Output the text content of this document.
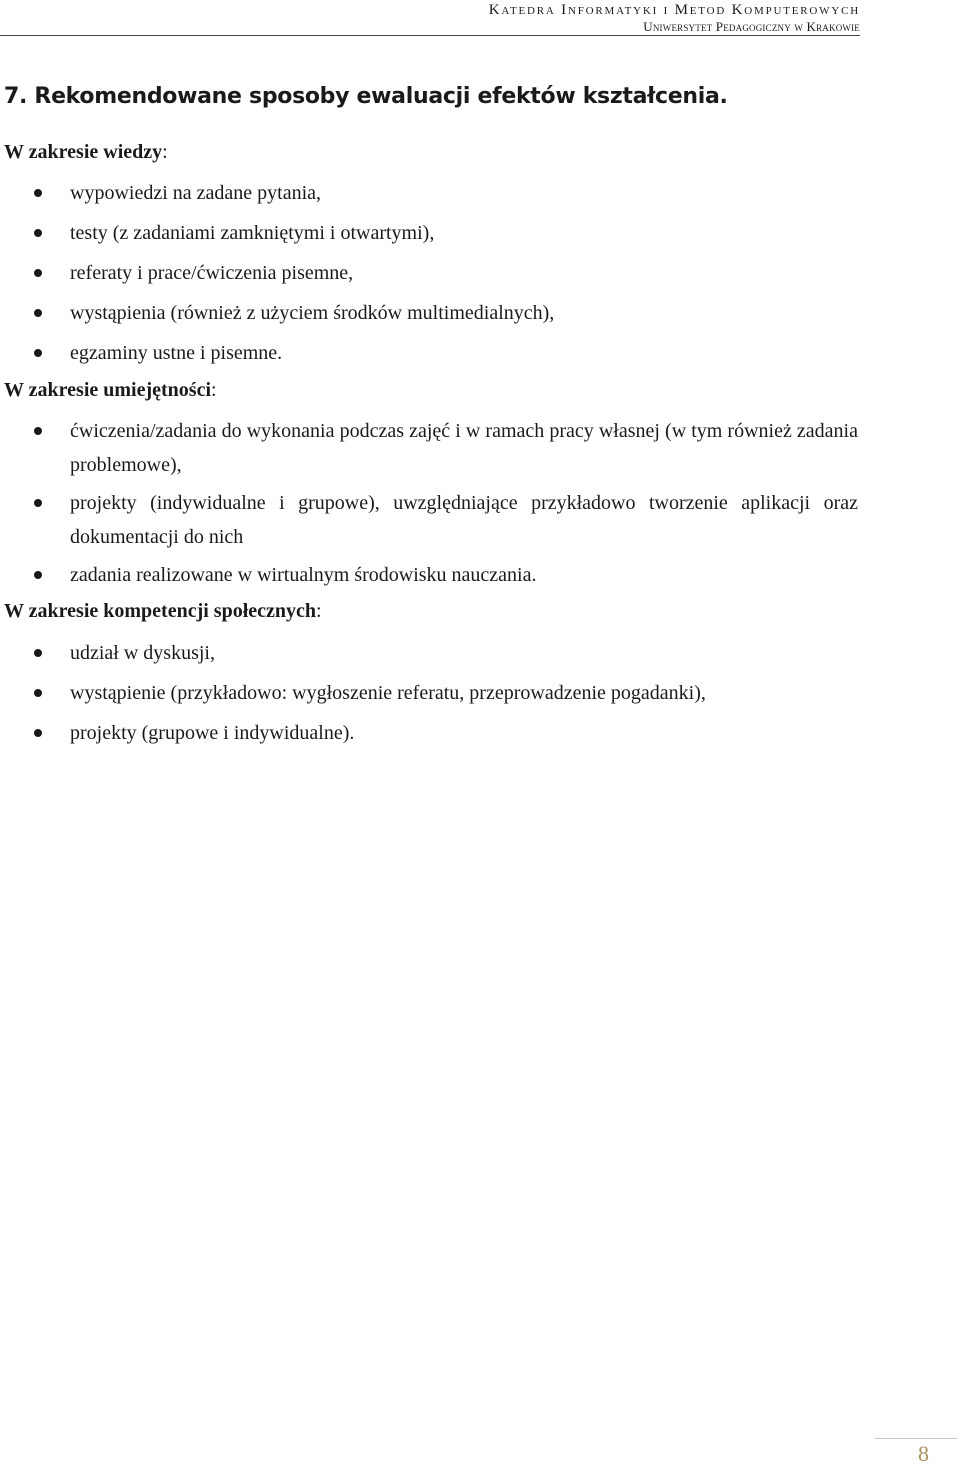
Katedra Informatyki i Metod Komputerowych
Uniwersytet Pedagogiczny w Krakowie
7. Rekomendowane sposoby ewaluacji efektów kształcenia.
W zakresie wiedzy:
wypowiedzi na zadane pytania,
testy (z zadaniami zamkniętymi i otwartymi),
referaty i prace/ćwiczenia pisemne,
wystąpienia (również z użyciem środków multimedialnych),
egzaminy ustne i pisemne.
W zakresie umiejętności:
ćwiczenia/zadania do wykonania podczas zajęć i w ramach pracy własnej (w tym również zadania problemowe),
projekty (indywidualne i grupowe), uwzględniające przykładowo tworzenie aplikacji oraz dokumentacji do nich
zadania realizowane w wirtualnym środowisku nauczania.
W zakresie kompetencji społecznych:
udział w dyskusji,
wystąpienie (przykładowo: wygłoszenie referatu, przeprowadzenie pogadanki),
projekty (grupowe i indywidualne).
8
